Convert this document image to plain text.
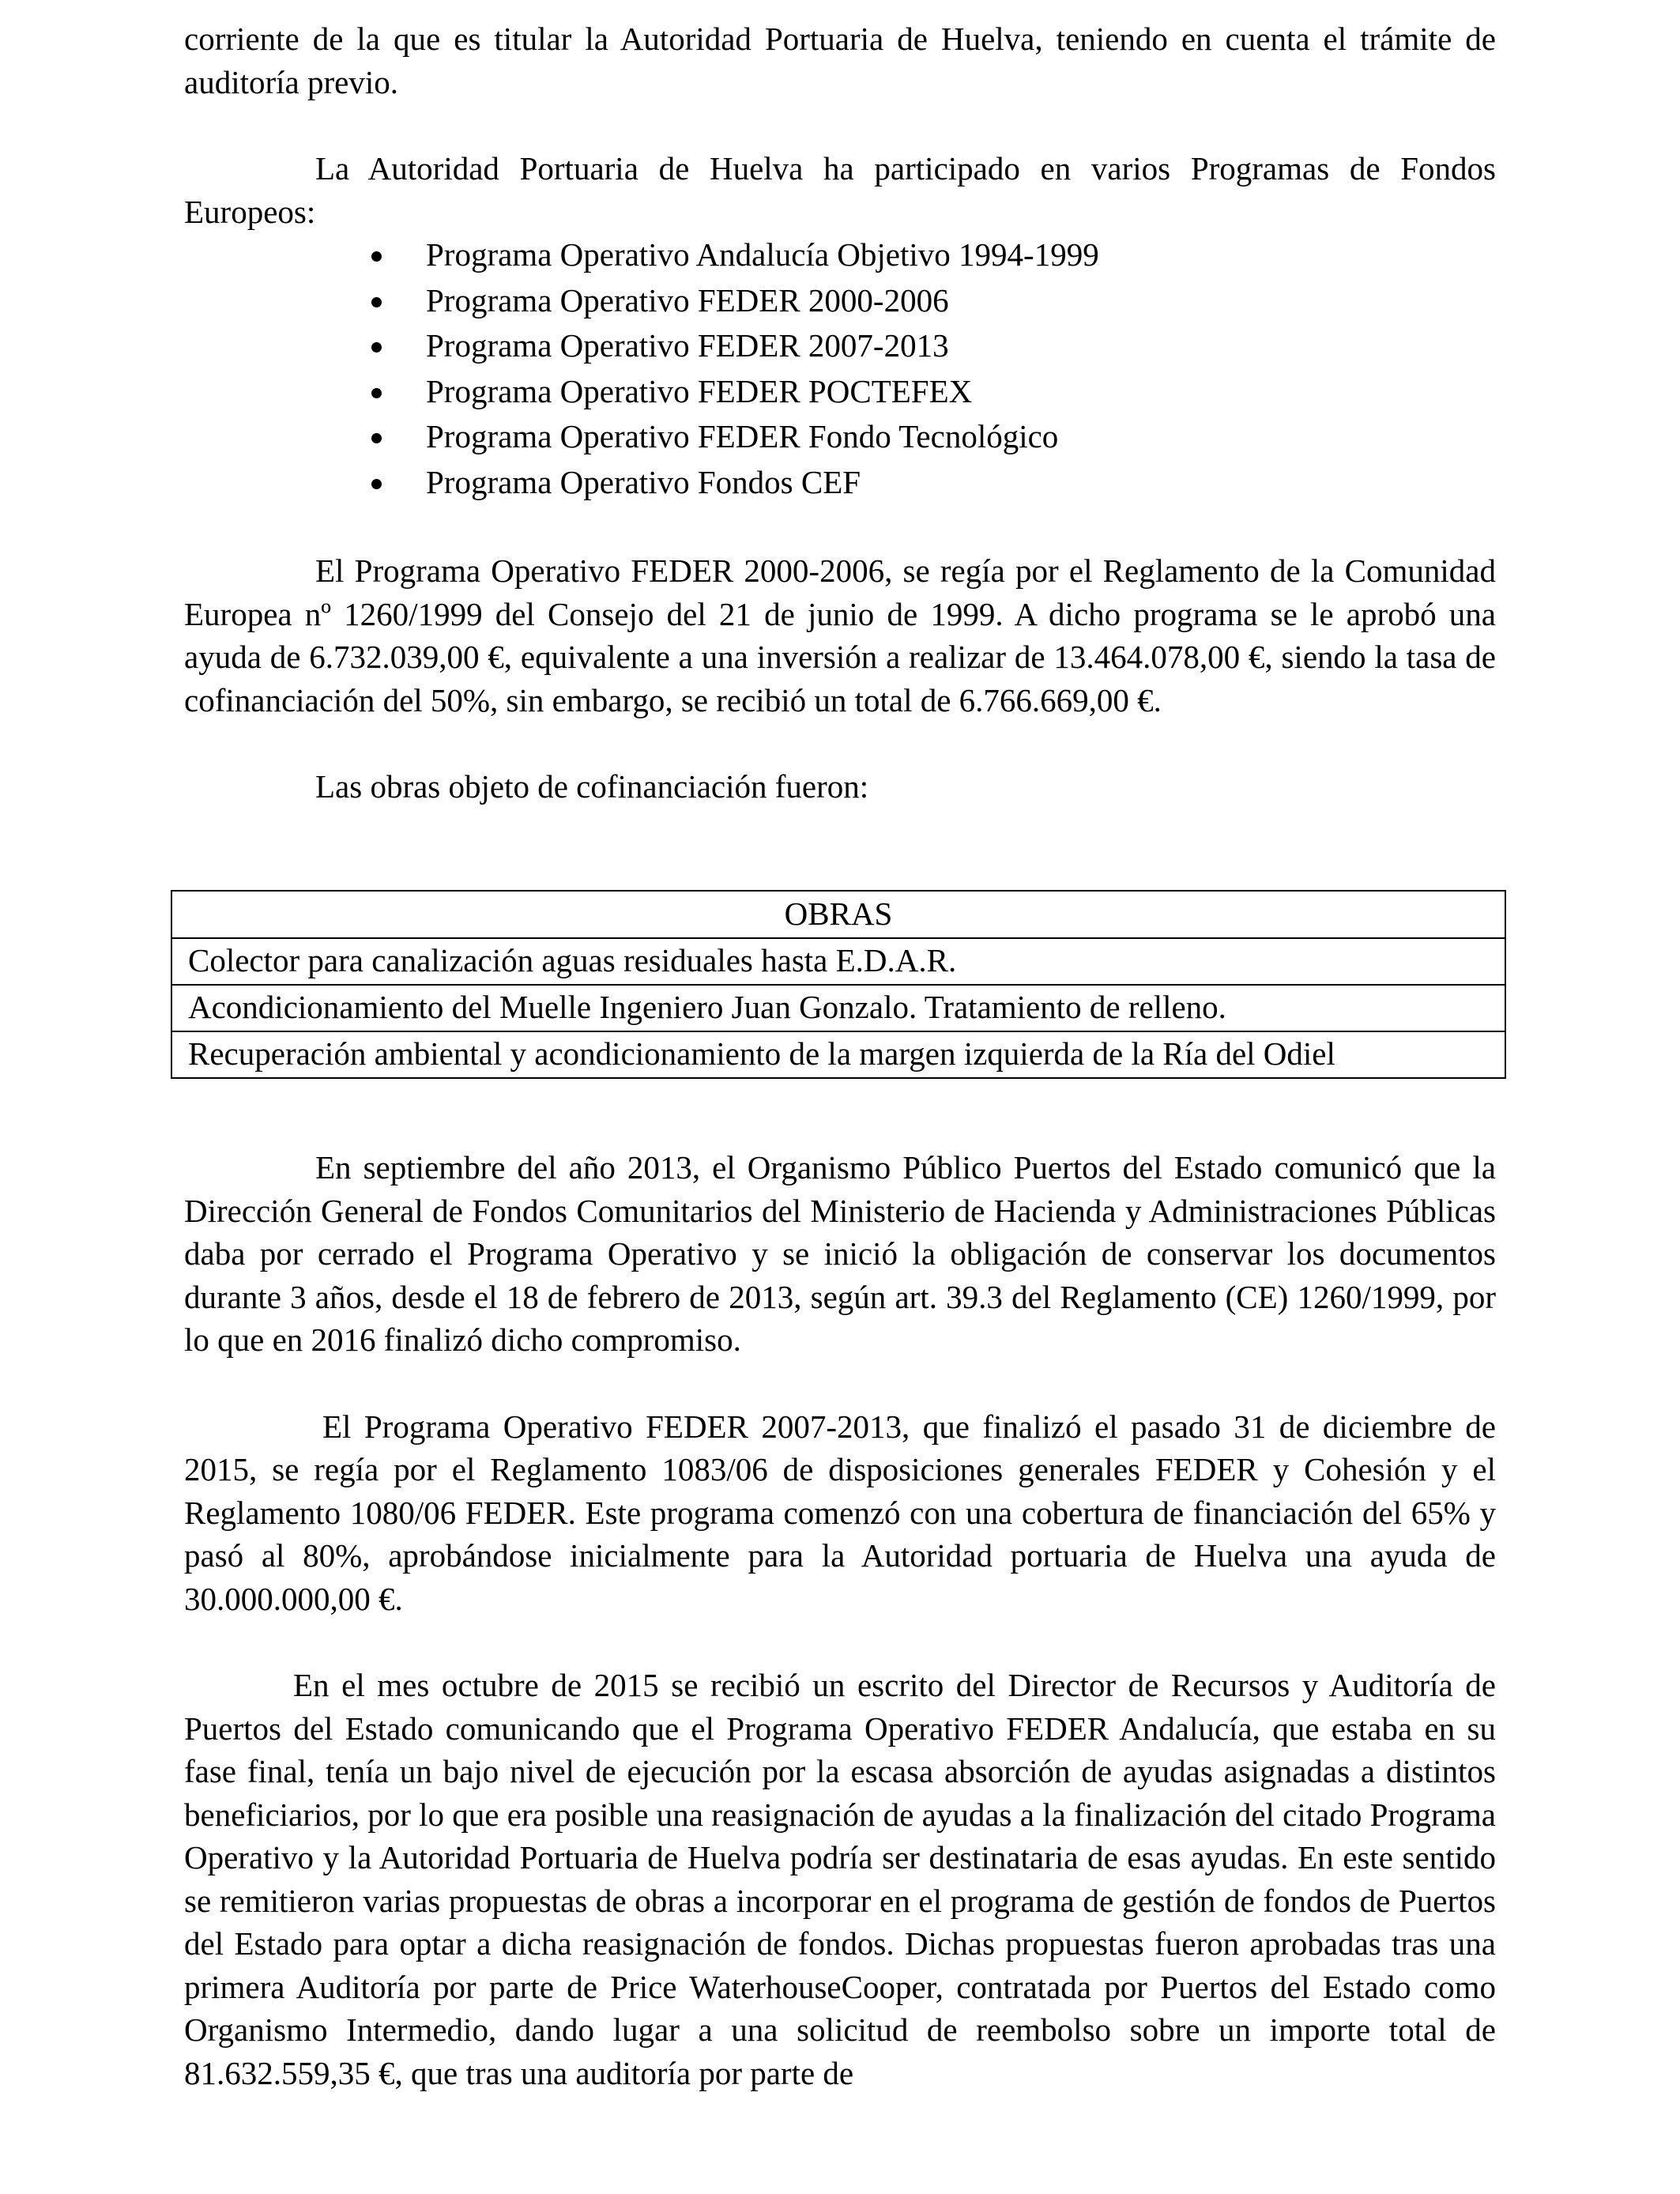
corriente de la que es titular la Autoridad Portuaria de Huelva, teniendo en cuenta el trámite de auditoría previo.

La Autoridad Portuaria de Huelva ha participado en varios Programas de Fondos Europeos:

Programa Operativo Andalucía Objetivo 1994-1999
Programa Operativo FEDER 2000-2006
Programa Operativo FEDER 2007-2013
Programa Operativo FEDER POCTEFEX
Programa Operativo FEDER Fondo Tecnológico
Programa Operativo Fondos CEF

El Programa Operativo FEDER 2000-2006, se regía por el Reglamento de la Comunidad Europea nº 1260/1999 del Consejo del 21 de junio de 1999. A dicho programa se le aprobó una ayuda de 6.732.039,00 €, equivalente a una inversión a realizar de 13.464.078,00 €, siendo la tasa de cofinanciación del 50%, sin embargo, se recibió un total de 6.766.669,00 €.

Las obras objeto de cofinanciación fueron:

OBRAS
Colector para canalización aguas residuales hasta E.D.A.R.
Acondicionamiento del Muelle Ingeniero Juan Gonzalo. Tratamiento de relleno.
Recuperación ambiental y acondicionamiento de la margen izquierda de la Ría del Odiel

En septiembre del año 2013, el Organismo Público Puertos del Estado comunicó que la Dirección General de Fondos Comunitarios del Ministerio de Hacienda y Administraciones Públicas daba por cerrado el Programa Operativo y se inició la obligación de conservar los documentos durante 3 años, desde el 18 de febrero de 2013, según art. 39.3 del Reglamento (CE) 1260/1999, por lo que en 2016 finalizó dicho compromiso.

El Programa Operativo FEDER 2007-2013, que finalizó el pasado 31 de diciembre de 2015, se regía por el Reglamento 1083/06 de disposiciones generales FEDER y Cohesión y el Reglamento 1080/06 FEDER. Este programa comenzó con una cobertura de financiación del 65% y pasó al 80%, aprobándose inicialmente para la Autoridad portuaria de Huelva una ayuda de 30.000.000,00 €.

En el mes octubre de 2015 se recibió un escrito del Director de Recursos y Auditoría de Puertos del Estado comunicando que el Programa Operativo FEDER Andalucía, que estaba en su fase final, tenía un bajo nivel de ejecución por la escasa absorción de ayudas asignadas a distintos beneficiarios, por lo que era posible una reasignación de ayudas a la finalización del citado Programa Operativo y la Autoridad Portuaria de Huelva podría ser destinataria de esas ayudas. En este sentido se remitieron varias propuestas de obras a incorporar en el programa de gestión de fondos de Puertos del Estado para optar a dicha reasignación de fondos. Dichas propuestas fueron aprobadas tras una primera Auditoría por parte de Price WaterhouseCooper, contratada por Puertos del Estado como Organismo Intermedio, dando lugar a una solicitud de reembolso sobre un importe total de 81.632.559,35 €, que tras una auditoría por parte de
